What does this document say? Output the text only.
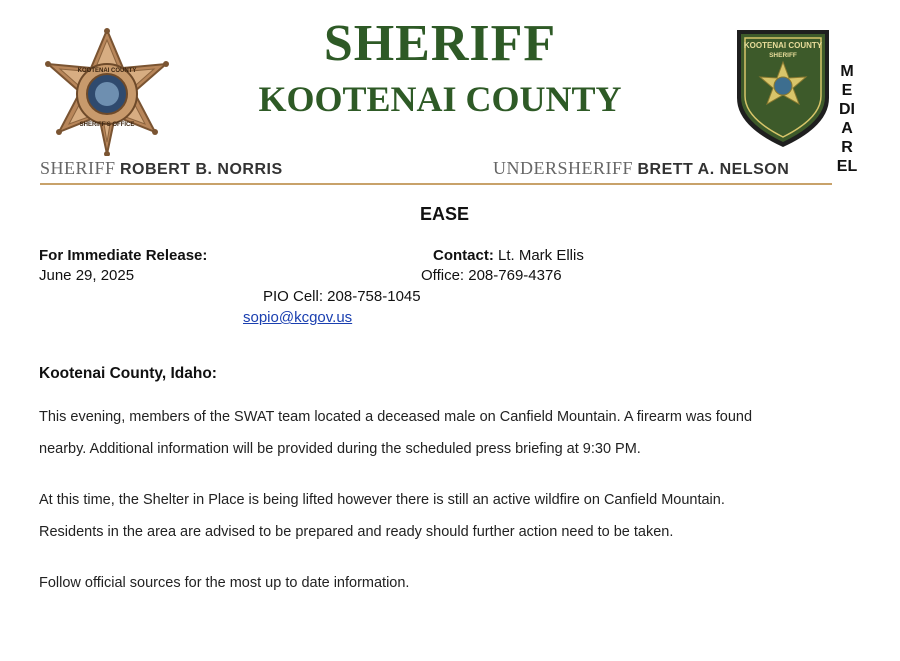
KOOTENAI COUNTY
SHERIFF'S OFFICE
KOOTENAI COUNTY
SHERIFF
SHERIFF
KOOTENAI COUNTY
SHERIFF ROBERT B. NORRIS	UNDERSHERIFF BRETT A. NELSON
M
E
DI
A
R
EL
EASE
For Immediate Release:
June 29, 2025
Contact: Lt. Mark Ellis
Office: 208-769-4376
PIO Cell: 208-758-1045
sopio@kcgov.us
Kootenai County, Idaho:
This evening, members of the SWAT team located a deceased male on Canfield Mountain. A firearm was found
nearby. Additional information will be provided during the scheduled press briefing at 9:30 PM.
At this time, the Shelter in Place is being lifted however there is still an active wildfire on Canfield Mountain.
Residents in the area are advised to be prepared and ready should further action need to be taken.
Follow official sources for the most up to date information.
